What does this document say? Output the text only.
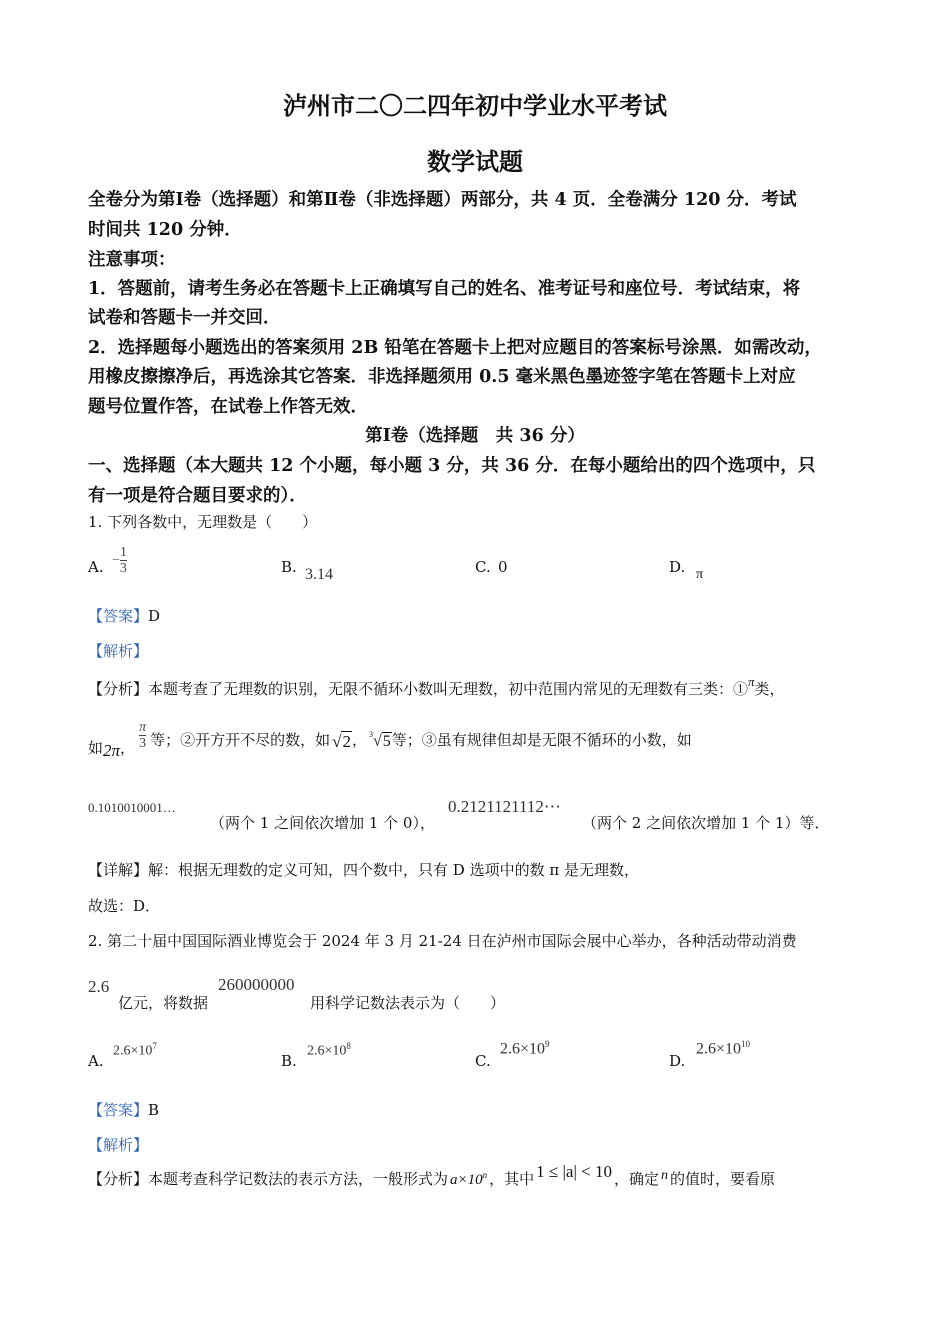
泸州市二〇二四年初中学业水平考试
数学试题
全卷分为第Ⅰ卷（选择题）和第Ⅱ卷（非选择题）两部分，共 4 页．全卷满分 120 分．考试
时间共 120 分钟．
注意事项：
1．答题前，请考生务必在答题卡上正确填写自己的姓名、准考证号和座位号．考试结束，将
试卷和答题卡一并交回．
2．选择题每小题选出的答案须用 2B 铅笔在答题卡上把对应题目的答案标号涂黑．如需改动，
用橡皮擦擦净后，再选涂其它答案．非选择题须用 0.5 毫米黑色墨迹签字笔在答题卡上对应
题号位置作答，在试卷上作答无效．
第Ⅰ卷（选择题　共 36 分）
一、选择题（本大题共 12 个小题，每小题 3 分，共 36 分．在每小题给出的四个选项中，只
有一项是符合题目要求的）．
1. 下列各数中，无理数是（　　）
A. − $\frac{1}{3}$	B. 3.14	C. 0	D. π
【答案】D
【解析】
【分析】本题考查了无理数的识别，无限不循环小数叫无理数，初中范围内常见的无理数有三类：①$^\pi$类，
如 2π ， $\frac{\pi}{3}$ 等；②开方开不尽的数，如 √2 ， $^3$√5 等；③虽有规律但却是无限不循环的小数，如
0.1010010001…
（两个 1 之间依次增加 1 个 0），
0.2121121112⋯
（两个 2 之间依次增加 1 个 1）等．
【详解】解：根据无理数的定义可知，四个数中，只有 D 选项中的数 π 是无理数，
故选：D．
2. 第二十届中国国际酒业博览会于 2024 年 3 月 21-24 日在泸州市国际会展中心举办，各种活动带动消费
2.6
亿元，将数据
260000000
用科学记数法表示为（　　）
A.
$2.6\times 10^7$
B.
$2.6\times 10^8$
C.
$2.6\times 10^9$
D.
$2.6\times 10^{10}$
【答案】B
【解析】
【分析】 本题考查科学记数法的表示方法，一般形式为 $a\times 10^n$ ，其中 1 ≤ |a| < 10 ，确定 n 的值时，要看原
